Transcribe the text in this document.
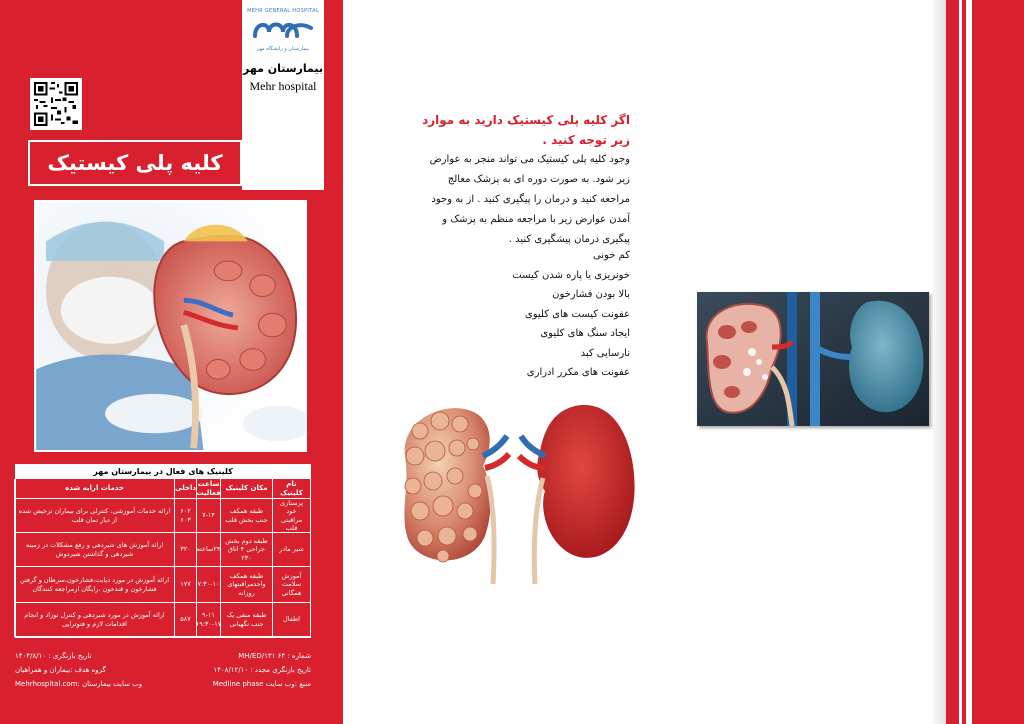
MEHR GENERAL HOSPITAL
بیمارستان و زایشگاه مهر
بیمارستان مهر
Mehr hospital
کلیه پلی کیستیک
کلینیک های فعال در بیمارستان مهر
نام کلینیک
مکان کلینیک
ساعت فعالیت
داخلی
خدمات ارایه شده
پرستاری خود مراقبتی قلب
طبقه همکف جنب بخش قلب
۷-۱۴
۶۰۲ ۶۰۳
ارائه خدمات آموزشی، کنترلی برای بیماران ترخیص شده از دیار تمان قلب
شیر مادر
طبقه دوم بخش جراحی ۴ اتاق ۲۳۰
۲۴ساعته
۳۲۰
ارائه آموزش های شیردهی و رفع مشکلات در زمینه شیردهی و گذاشتن شیردوش
آموزش سلامت همگانی
طبقه همکف واحدمراقبتهای روزانه
۷:۳۰-۱۰
۱۷۷
ارائه آموزش در مورد دیابت،فشارخون،سرطان و گرفتن فشارخون و قندخون ،رایگان ازمراجعه کنندگان
اطفال
طبقه منفی یک جنب نگهبانی
۹-۱۱ ۱۹:۳۰-۱۷
۵۸۷
ارائه آموزش در مورد شیردهی و کنترل نوزاد و انجام اقدامات لازم و فتوتراپی
شماره : MH/ED/۱۳۱ ۶۴
تاریخ بازنگری : ۱۴۰۴/۸/۱۰
تاریخ بازنگری مجدد : ۱۴۰۸/۱۲/۱۰
گروه هدف :بیماران و همراهیان
منبع :وب سایت Medline phase
وب سایت بیمارستان :Mehrhospital.com
اگر کلیه پلی کیستیک دارید به موارد زیر توجه کنید .
وجود کلیه پلی کیستیک می تواند منجر به عوارض زیر شود. به صورت دوره ای به پزشک معالج مراجعه کنید و درمان را پیگیری کنید . از به وجود آمدن عوارض زیر با مراجعه منظم به پزشک و پیگیری درمان پیشگیری کنید .
کم خونی
خونریزی یا پاره شدن کیست
بالا بودن فشارخون
عفونت کیست های کلیوی
ایجاد سنگ های کلیوی
نارسایی کبد
عفونت های مکرر ادراری
